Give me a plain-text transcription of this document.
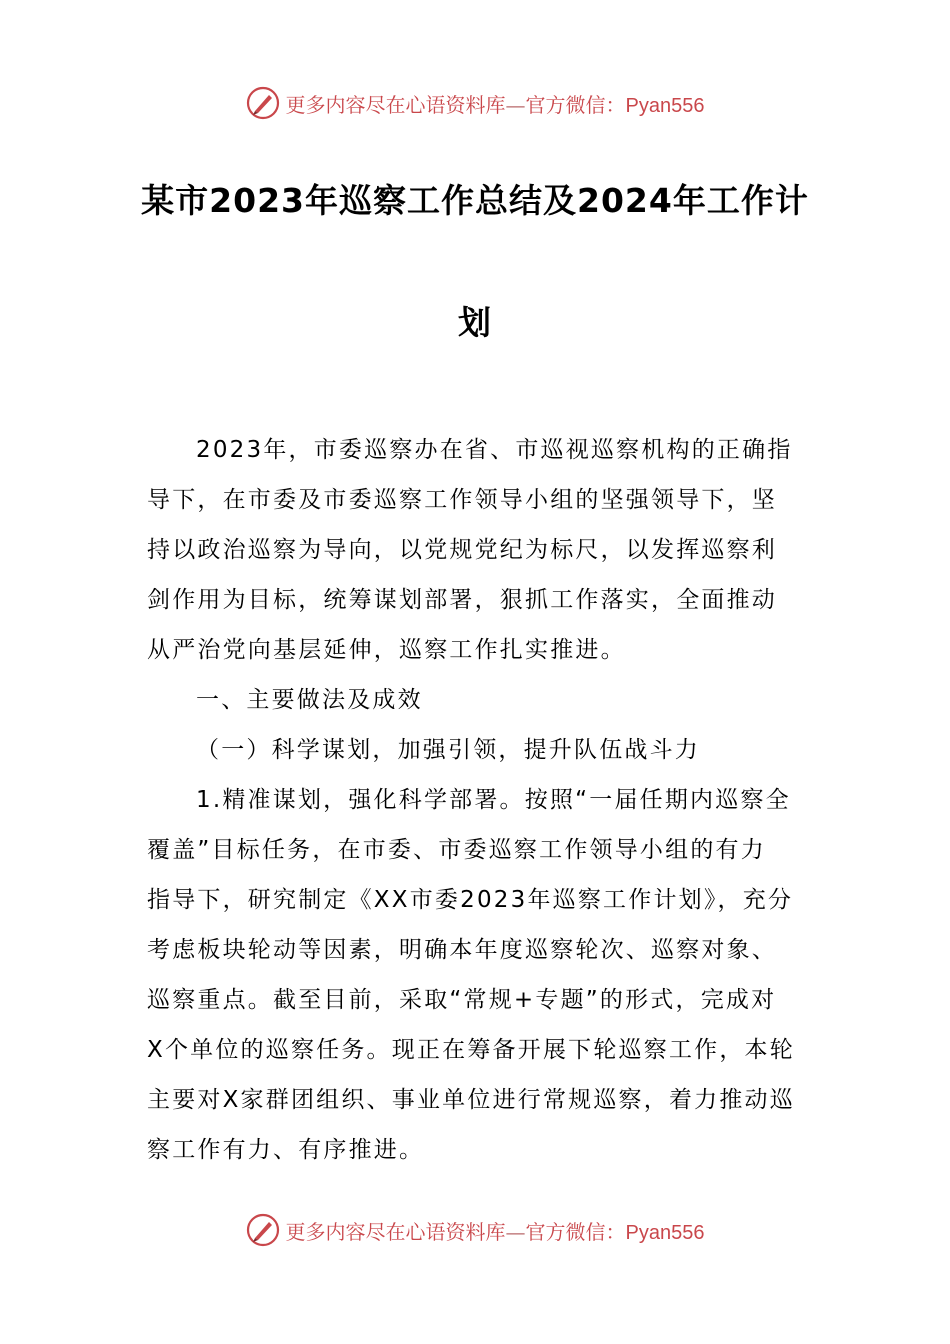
更多内容尽在心语资料库—官方微信：Pyan556
某市2023年巡察工作总结及2024年工作计
划
2023年，市委巡察办在省、市巡视巡察机构的正确指
导下，在市委及市委巡察工作领导小组的坚强领导下，坚
持以政治巡察为导向，以党规党纪为标尺，以发挥巡察利
剑作用为目标，统筹谋划部署，狠抓工作落实，全面推动
从严治党向基层延伸，巡察工作扎实推进。
一、主要做法及成效
（一）科学谋划，加强引领，提升队伍战斗力
1.精准谋划，强化科学部署。按照“一届任期内巡察全
覆盖”目标任务，在市委、市委巡察工作领导小组的有力
指导下，研究制定《XX市委2023年巡察工作计划》，充分
考虑板块轮动等因素，明确本年度巡察轮次、巡察对象、
巡察重点。截至目前，采取“常规+专题”的形式，完成对
X个单位的巡察任务。现正在筹备开展下轮巡察工作，本轮
主要对X家群团组织、事业单位进行常规巡察，着力推动巡
察工作有力、有序推进。
更多内容尽在心语资料库—官方微信：Pyan556
